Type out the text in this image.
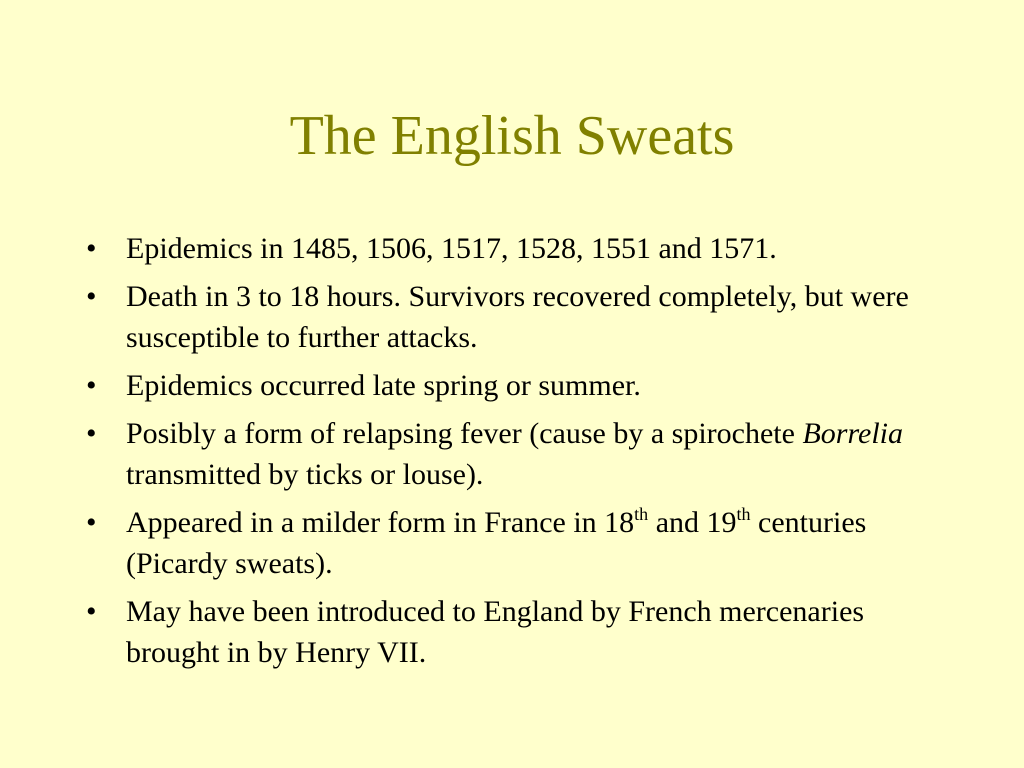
The English Sweats
• Epidemics in 1485, 1506, 1517, 1528, 1551 and 1571.
• Death in 3 to 18 hours. Survivors recovered completely, but were susceptible to further attacks.
• Epidemics occurred late spring or summer.
• Posibly a form of relapsing fever (cause by a spirochete Borrelia transmitted by ticks or louse).
• Appeared in a milder form in France in 18th and 19th centuries (Picardy sweats).
• May have been introduced to England by French mercenaries brought in by Henry VII.
